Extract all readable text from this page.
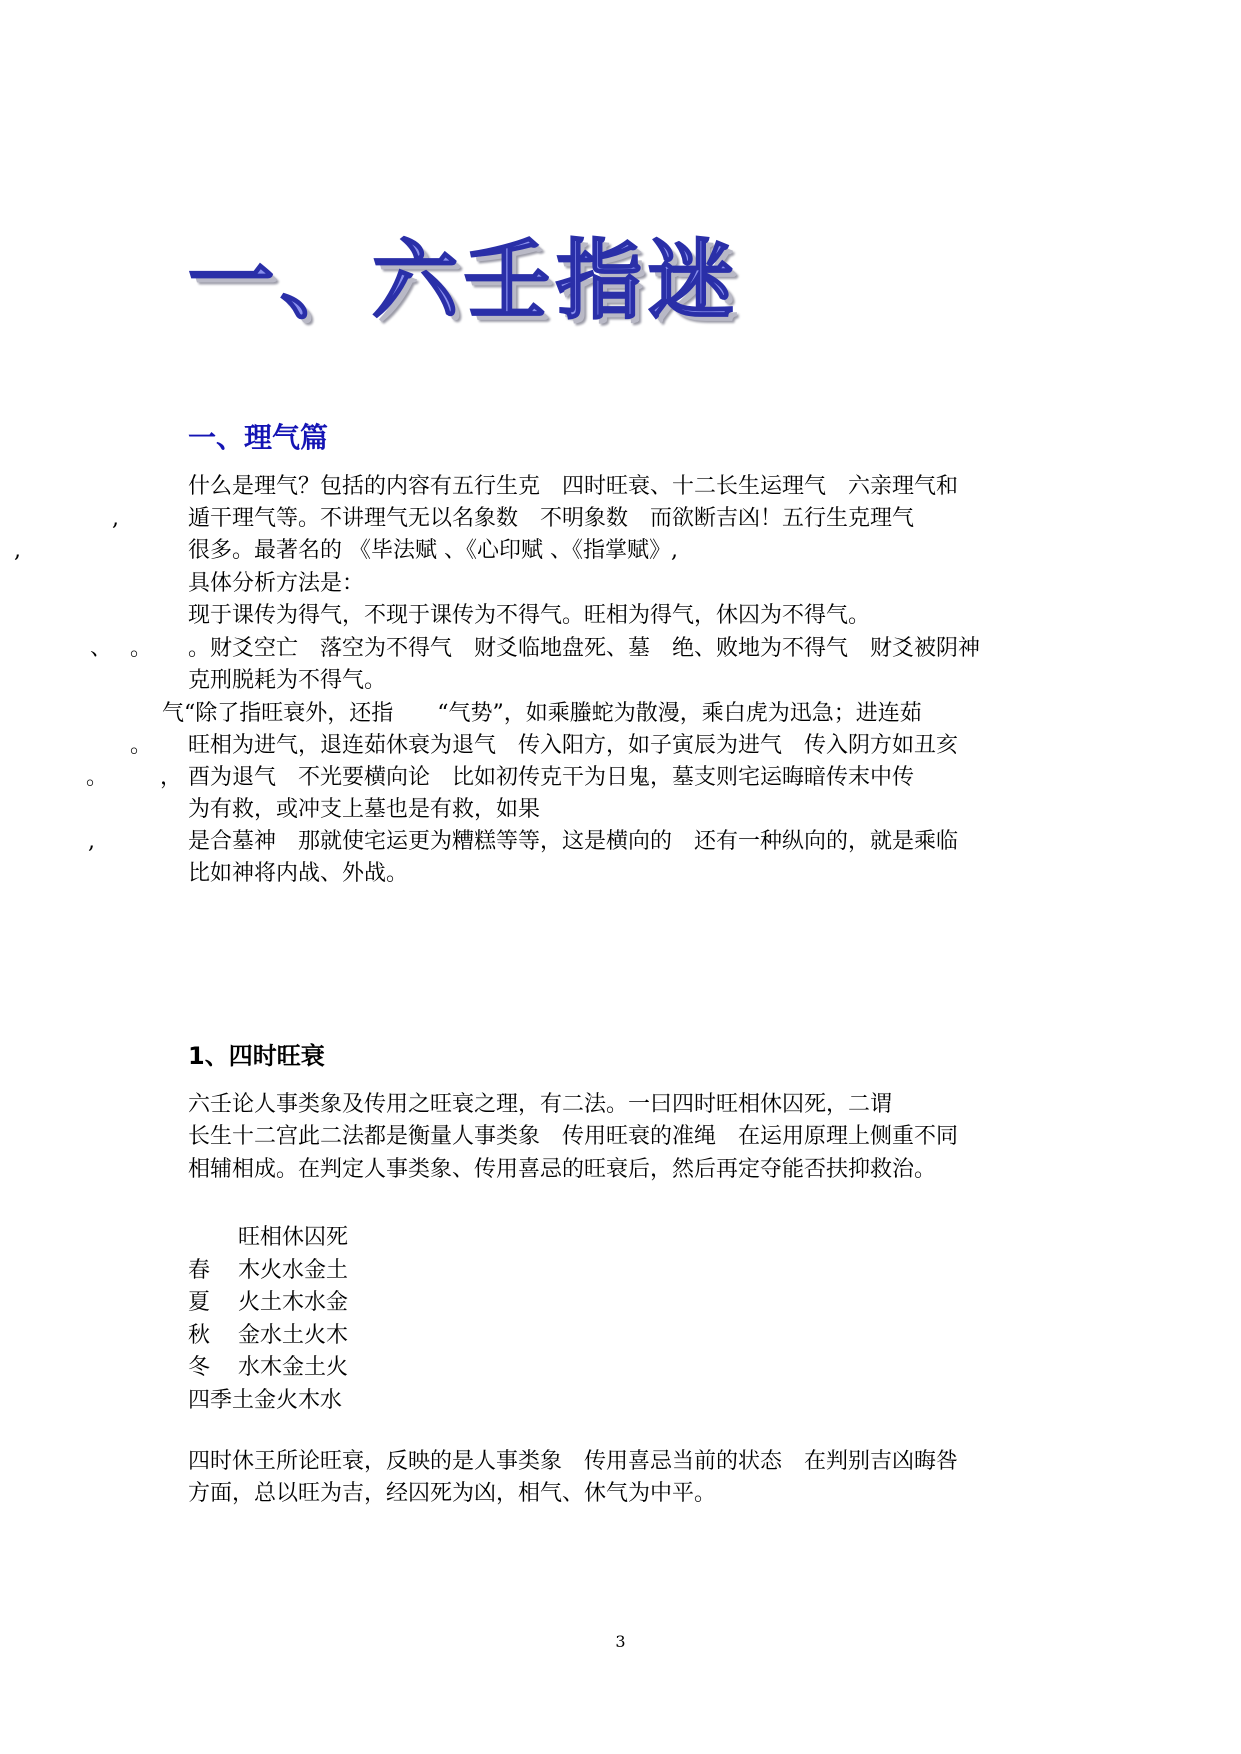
一、六壬指迷
一、理气篇
什么是理气？包括的内容有五行生克　四时旺衰、十二长生运理气　六亲理气和
遁干理气等。不讲理气无以名象数　不明象数　而欲断吉凶！五行生克理气
很多。最著名的 《毕法赋 、《心印赋 、《指掌赋》,
具体分析方法是：
现于课传为得气，不现于课传为不得气。旺相为得气，休囚为不得气。
。财爻空亡　落空为不得气　财爻临地盘死、墓　绝、败地为不得气　财爻被阴神
克刑脱耗为不得气。
气“除了指旺衰外，还指　　“气势”，如乘螣蛇为散漫，乘白虎为迅急；进连茹
旺相为进气，退连茹休衰为退气　传入阳方，如子寅辰为进气　传入阴方如丑亥
酉为退气　不光要横向论　比如初传克干为日鬼，墓支则宅运晦暗传末中传
为有救，或冲支上墓也是有救，如果
是合墓神　那就使宅运更为糟糕等等，这是横向的　还有一种纵向的，就是乘临
比如神将内战、外战。
,
,
、 。
。
，
。
,
1、四时旺衰
六壬论人事类象及传用之旺衰之理，有二法。一曰四时旺相休囚死，二谓
长生十二宫此二法都是衡量人事类象　传用旺衰的准绳　在运用原理上侧重不同
相辅相成。在判定人事类象、传用喜忌的旺衰后，然后再定夺能否扶抑救治。
旺相休囚死
春 木火水金土
夏 火土木水金
秋 金水土火木
冬 水木金土火
四季土金火木水
四时休王所论旺衰，反映的是人事类象　传用喜忌当前的状态　在判别吉凶晦咎
方面，总以旺为吉，经囚死为凶，相气、休气为中平。
3
